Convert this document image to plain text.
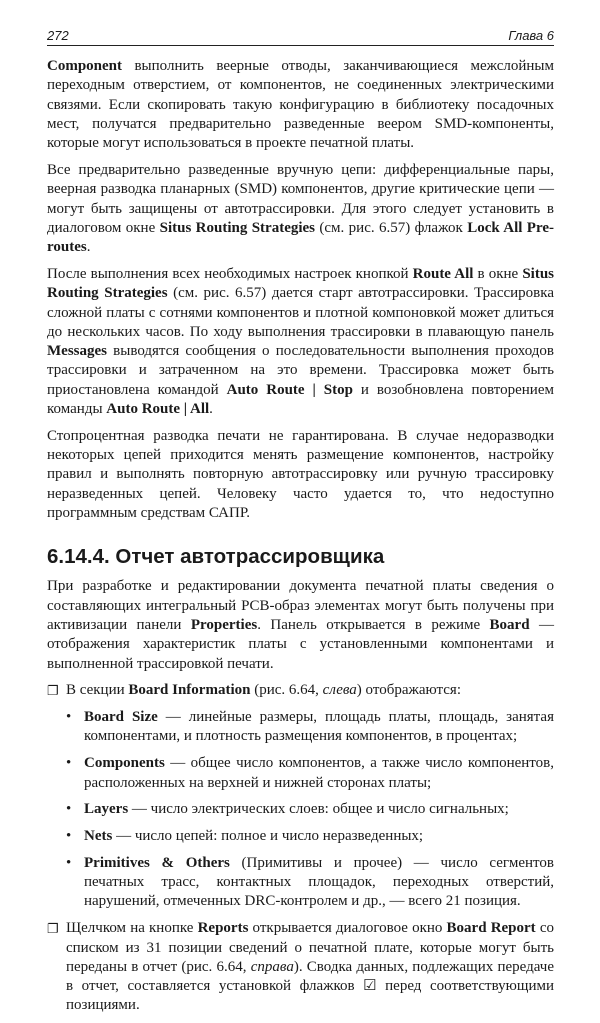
272	Глава 6
Component выполнить веерные отводы, заканчивающиеся межслойным переходным отверстием, от компонентов, не соединенных электрическими связями. Если скопировать такую конфигурацию в библиотеку посадочных мест, получатся предварительно разведенные веером SMD-компоненты, которые могут использоваться в проекте печатной платы.
Все предварительно разведенные вручную цепи: дифференциальные пары, веерная разводка планарных (SMD) компонентов, другие критические цепи — могут быть защищены от автотрассировки. Для этого следует установить в диалоговом окне Situs Routing Strategies (см. рис. 6.57) флажок Lock All Pre-routes.
После выполнения всех необходимых настроек кнопкой Route All в окне Situs Routing Strategies (см. рис. 6.57) дается старт автотрассировки. Трассировка сложной платы с сотнями компонентов и плотной компоновкой может длиться до нескольких часов. По ходу выполнения трассировки в плавающую панель Messages выводятся сообщения о последовательности выполнения проходов трассировки и затраченном на это времени. Трассировка может быть приостановлена командой Auto Route | Stop и возобновлена повторением команды Auto Route | All.
Стопроцентная разводка печати не гарантирована. В случае недоразводки некоторых цепей приходится менять размещение компонентов, настройку правил и выполнять повторную автотрассировку или ручную трассировку неразведенных цепей. Человеку часто удается то, что недоступно программным средствам САПР.
6.14.4. Отчет автотрассировщика
При разработке и редактировании документа печатной платы сведения о составляющих интегральный PCB-образ элементах могут быть получены при активизации панели Properties. Панель открывается в режиме Board — отображения характеристик платы с установленными компонентами и выполненной трассировкой печати.
❐ В секции Board Information (рис. 6.64, слева) отображаются:
• Board Size — линейные размеры, площадь платы, площадь, занятая компонентами, и плотность размещения компонентов, в процентах;
• Components — общее число компонентов, а также число компонентов, расположенных на верхней и нижней сторонах платы;
• Layers — число электрических слоев: общее и число сигнальных;
• Nets — число цепей: полное и число неразведенных;
• Primitives & Others (Примитивы и прочее) — число сегментов печатных трасс, контактных площадок, переходных отверстий, нарушений, отмеченных DRC-контролем и др., — всего 21 позиция.
❐ Щелчком на кнопке Reports открывается диалоговое окно Board Report со списком из 31 позиции сведений о печатной плате, которые могут быть переданы в отчет (рис. 6.64, справа). Сводка данных, подлежащих передаче в отчет, составляется установкой флажков ☑ перед соответствующими позициями.
